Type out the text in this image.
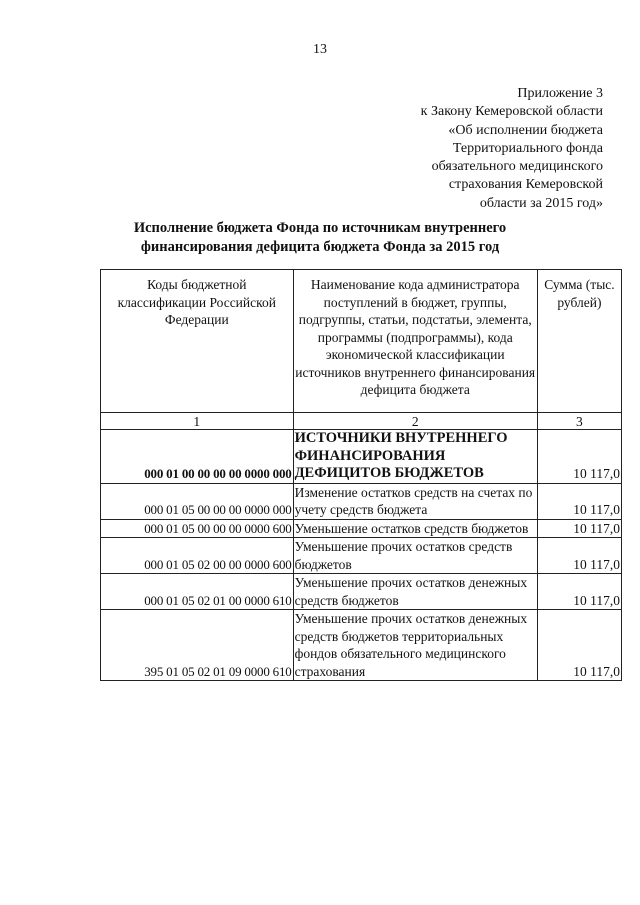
13
Приложение 3
к Закону Кемеровской области
«Об исполнении бюджета
Территориального фонда
обязательного медицинского
страхования Кемеровской
области за 2015 год»
Исполнение бюджета Фонда по источникам внутреннего
финансирования дефицита бюджета Фонда за 2015 год
Коды бюджетной классификации Российской Федерации	Наименование кода администратора поступлений в бюджет, группы, подгруппы, статьи, подстатьи, элемента, программы (подпрограммы), кода экономической классификации источников внутреннего финансирования дефицита бюджета	Сумма (тыс. рублей)
1	2	3
000 01 00 00 00 00 0000 000	ИСТОЧНИКИ ВНУТРЕННЕГО ФИНАНСИРОВАНИЯ ДЕФИЦИТОВ БЮДЖЕТОВ	10 117,0
000 01 05 00 00 00 0000 000	Изменение остатков средств на счетах по учету средств бюджета	10 117,0
000 01 05 00 00 00 0000 600	Уменьшение остатков средств бюджетов	10 117,0
000 01 05 02 00 00 0000 600	Уменьшение прочих остатков средств бюджетов	10 117,0
000 01 05 02 01 00 0000 610	Уменьшение прочих остатков денежных средств бюджетов	10 117,0
395 01 05 02 01 09 0000 610	Уменьшение прочих остатков денежных средств бюджетов территориальных фондов обязательного медицинского страхования	10 117,0
